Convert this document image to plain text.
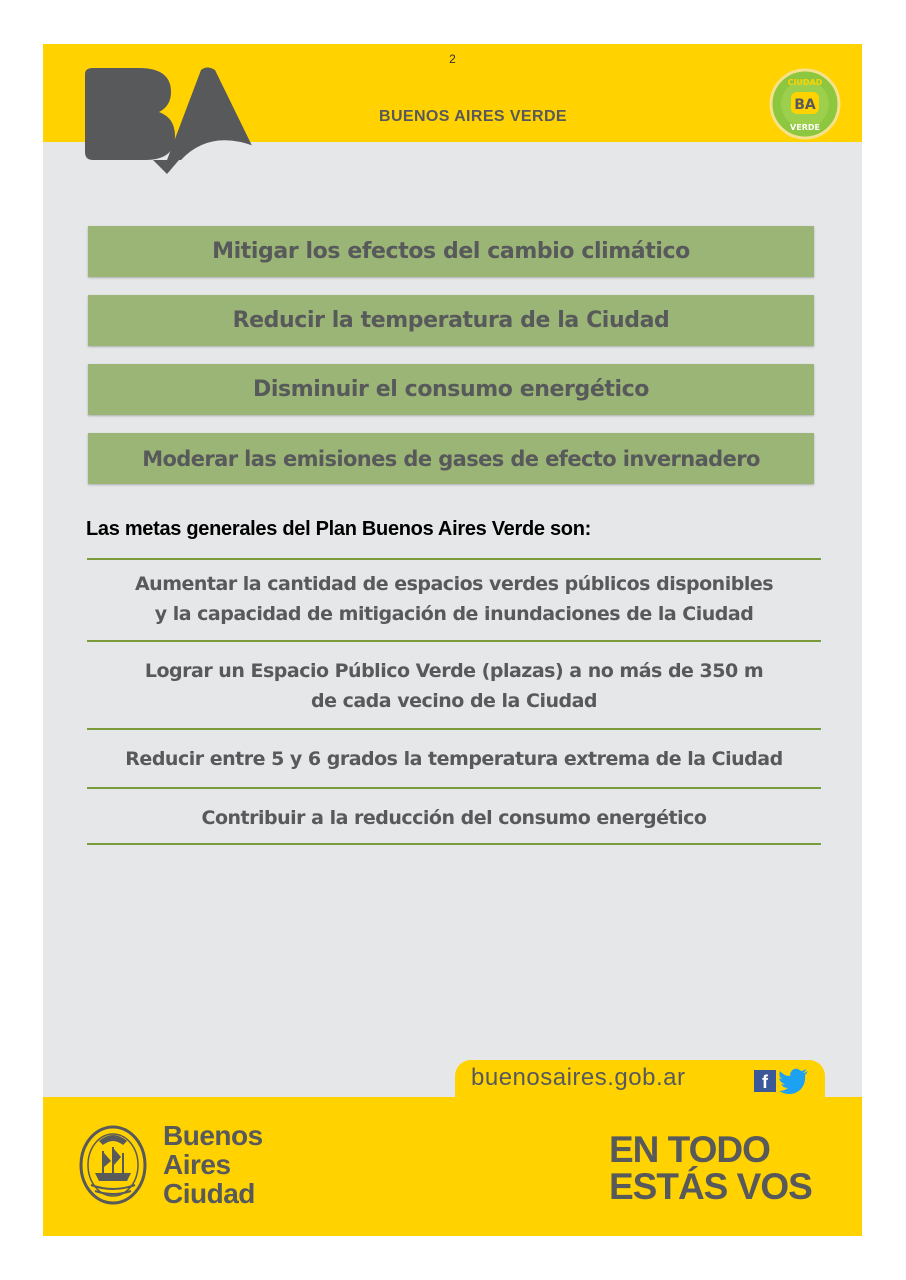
2
BUENOS AIRES VERDE
BA
CIUDAD
VERDE
Mitigar los efectos del cambio climático
Reducir la temperatura de la Ciudad
Disminuir el consumo energético
Moderar las emisiones de gases de efecto invernadero
Las metas generales del Plan Buenos Aires Verde son:
Aumentar la cantidad de espacios verdes públicos disponibles
y la capacidad de mitigación de inundaciones de la Ciudad
Lograr un Espacio Público Verde (plazas) a no más de 350 m
de cada vecino de la Ciudad
Reducir entre 5 y 6 grados la temperatura extrema de la Ciudad
Contribuir a la reducción del consumo energético
buenosaires.gob.ar	f
Buenos
Aires
Ciudad
EN TODO
ESTÁS VOS
